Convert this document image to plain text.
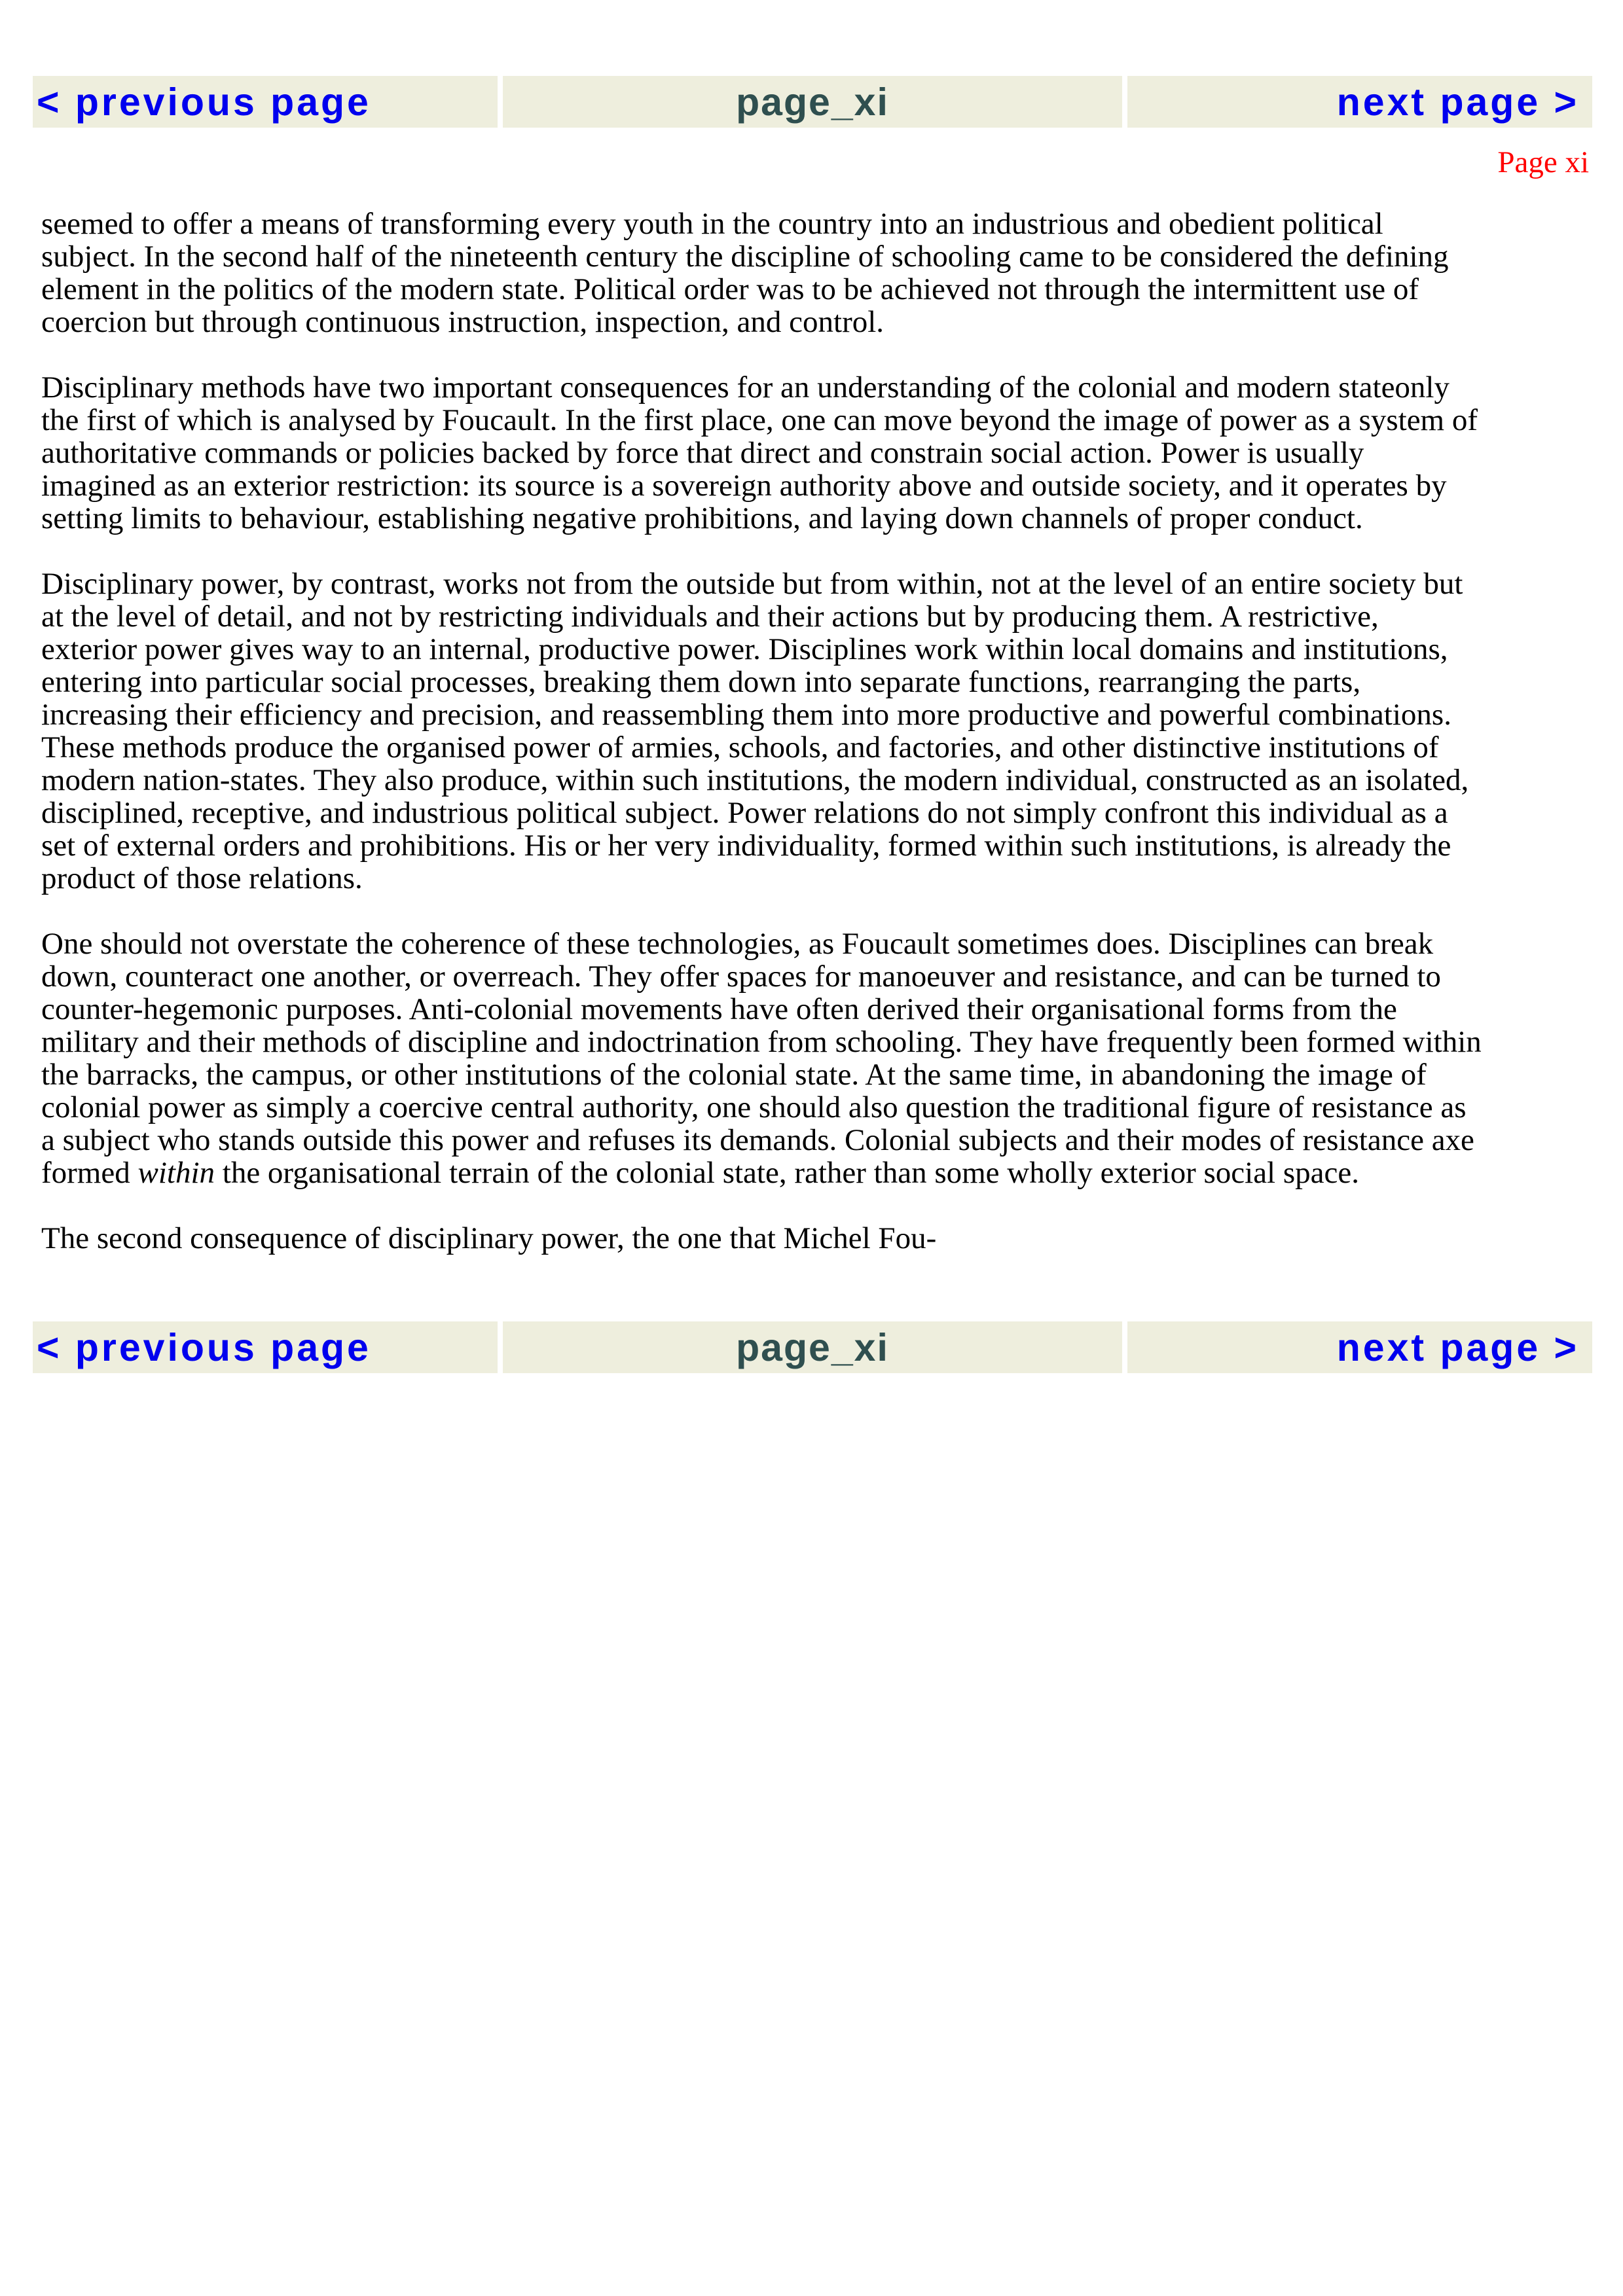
< previous page	page_xi	next page >
Page xi

seemed to offer a means of transforming every youth in the country into an industrious and obedient political
subject. In the second half of the nineteenth century the discipline of schooling came to be considered the defining
element in the politics of the modern state. Political order was to be achieved not through the intermittent use of
coercion but through continuous instruction, inspection, and control.

Disciplinary methods have two important consequences for an understanding of the colonial and modern stateonly
the first of which is analysed by Foucault. In the first place, one can move beyond the image of power as a system of
authoritative commands or policies backed by force that direct and constrain social action. Power is usually
imagined as an exterior restriction: its source is a sovereign authority above and outside society, and it operates by
setting limits to behaviour, establishing negative prohibitions, and laying down channels of proper conduct.

Disciplinary power, by contrast, works not from the outside but from within, not at the level of an entire society but
at the level of detail, and not by restricting individuals and their actions but by producing them. A restrictive,
exterior power gives way to an internal, productive power. Disciplines work within local domains and institutions,
entering into particular social processes, breaking them down into separate functions, rearranging the parts,
increasing their efficiency and precision, and reassembling them into more productive and powerful combinations.
These methods produce the organised power of armies, schools, and factories, and other distinctive institutions of
modern nation-states. They also produce, within such institutions, the modern individual, constructed as an isolated,
disciplined, receptive, and industrious political subject. Power relations do not simply confront this individual as a
set of external orders and prohibitions. His or her very individuality, formed within such institutions, is already the
product of those relations.

One should not overstate the coherence of these technologies, as Foucault sometimes does. Disciplines can break
down, counteract one another, or overreach. They offer spaces for manoeuver and resistance, and can be turned to
counter-hegemonic purposes. Anti-colonial movements have often derived their organisational forms from the
military and their methods of discipline and indoctrination from schooling. They have frequently been formed within
the barracks, the campus, or other institutions of the colonial state. At the same time, in abandoning the image of
colonial power as simply a coercive central authority, one should also question the traditional figure of resistance as
a subject who stands outside this power and refuses its demands. Colonial subjects and their modes of resistance axe
formed within the organisational terrain of the colonial state, rather than some wholly exterior social space.

The second consequence of disciplinary power, the one that Michel Fou-

< previous page	page_xi	next page >
